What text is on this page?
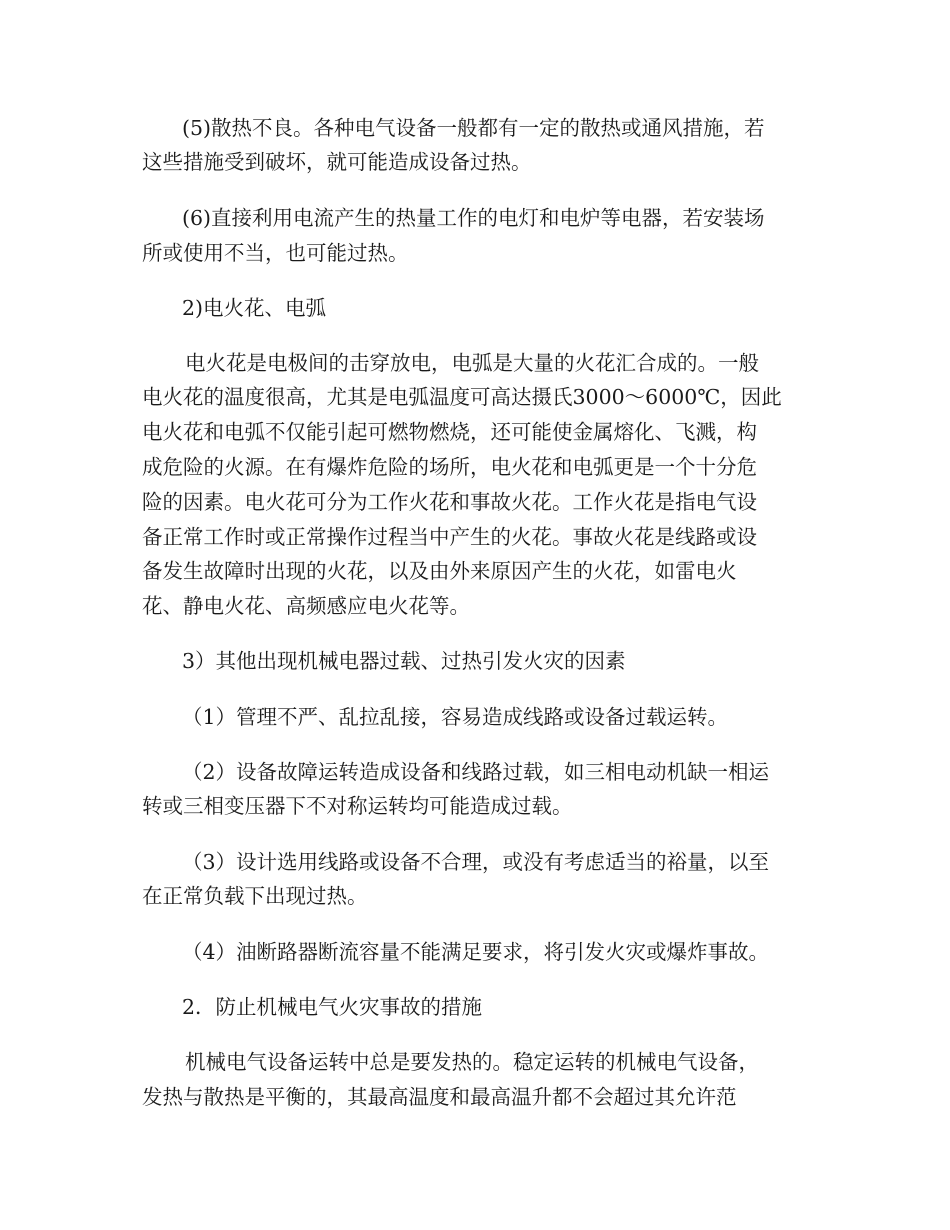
(5)散热不良。各种电气设备一般都有一定的散热或通风措施，若

这些措施受到破坏，就可能造成设备过热。

(6)直接利用电流产生的热量工作的电灯和电炉等电器，若安装场

所或使用不当，也可能过热。

2)电火花、电弧

电火花是电极间的击穿放电，电弧是大量的火花汇合成的。一般

电火花的温度很高，尤其是电弧温度可高达摄氏3000～6000℃，因此

电火花和电弧不仅能引起可燃物燃烧，还可能使金属熔化、飞溅，构

成危险的火源。在有爆炸危险的场所，电火花和电弧更是一个十分危

险的因素。电火花可分为工作火花和事故火花。工作火花是指电气设

备正常工作时或正常操作过程当中产生的火花。事故火花是线路或设

备发生故障时出现的火花，以及由外来原因产生的火花，如雷电火

花、静电火花、高频感应电火花等。

3）其他出现机械电器过载、过热引发火灾的因素

（1）管理不严、乱拉乱接，容易造成线路或设备过载运转。

（2）设备故障运转造成设备和线路过载，如三相电动机缺一相运

转或三相变压器下不对称运转均可能造成过载。

（3）设计选用线路或设备不合理，或没有考虑适当的裕量，以至

在正常负载下出现过热。

（4）油断路器断流容量不能满足要求，将引发火灾或爆炸事故。

2．防止机械电气火灾事故的措施

机械电气设备运转中总是要发热的。稳定运转的机械电气设备，

发热与散热是平衡的，其最高温度和最高温升都不会超过其允许范
